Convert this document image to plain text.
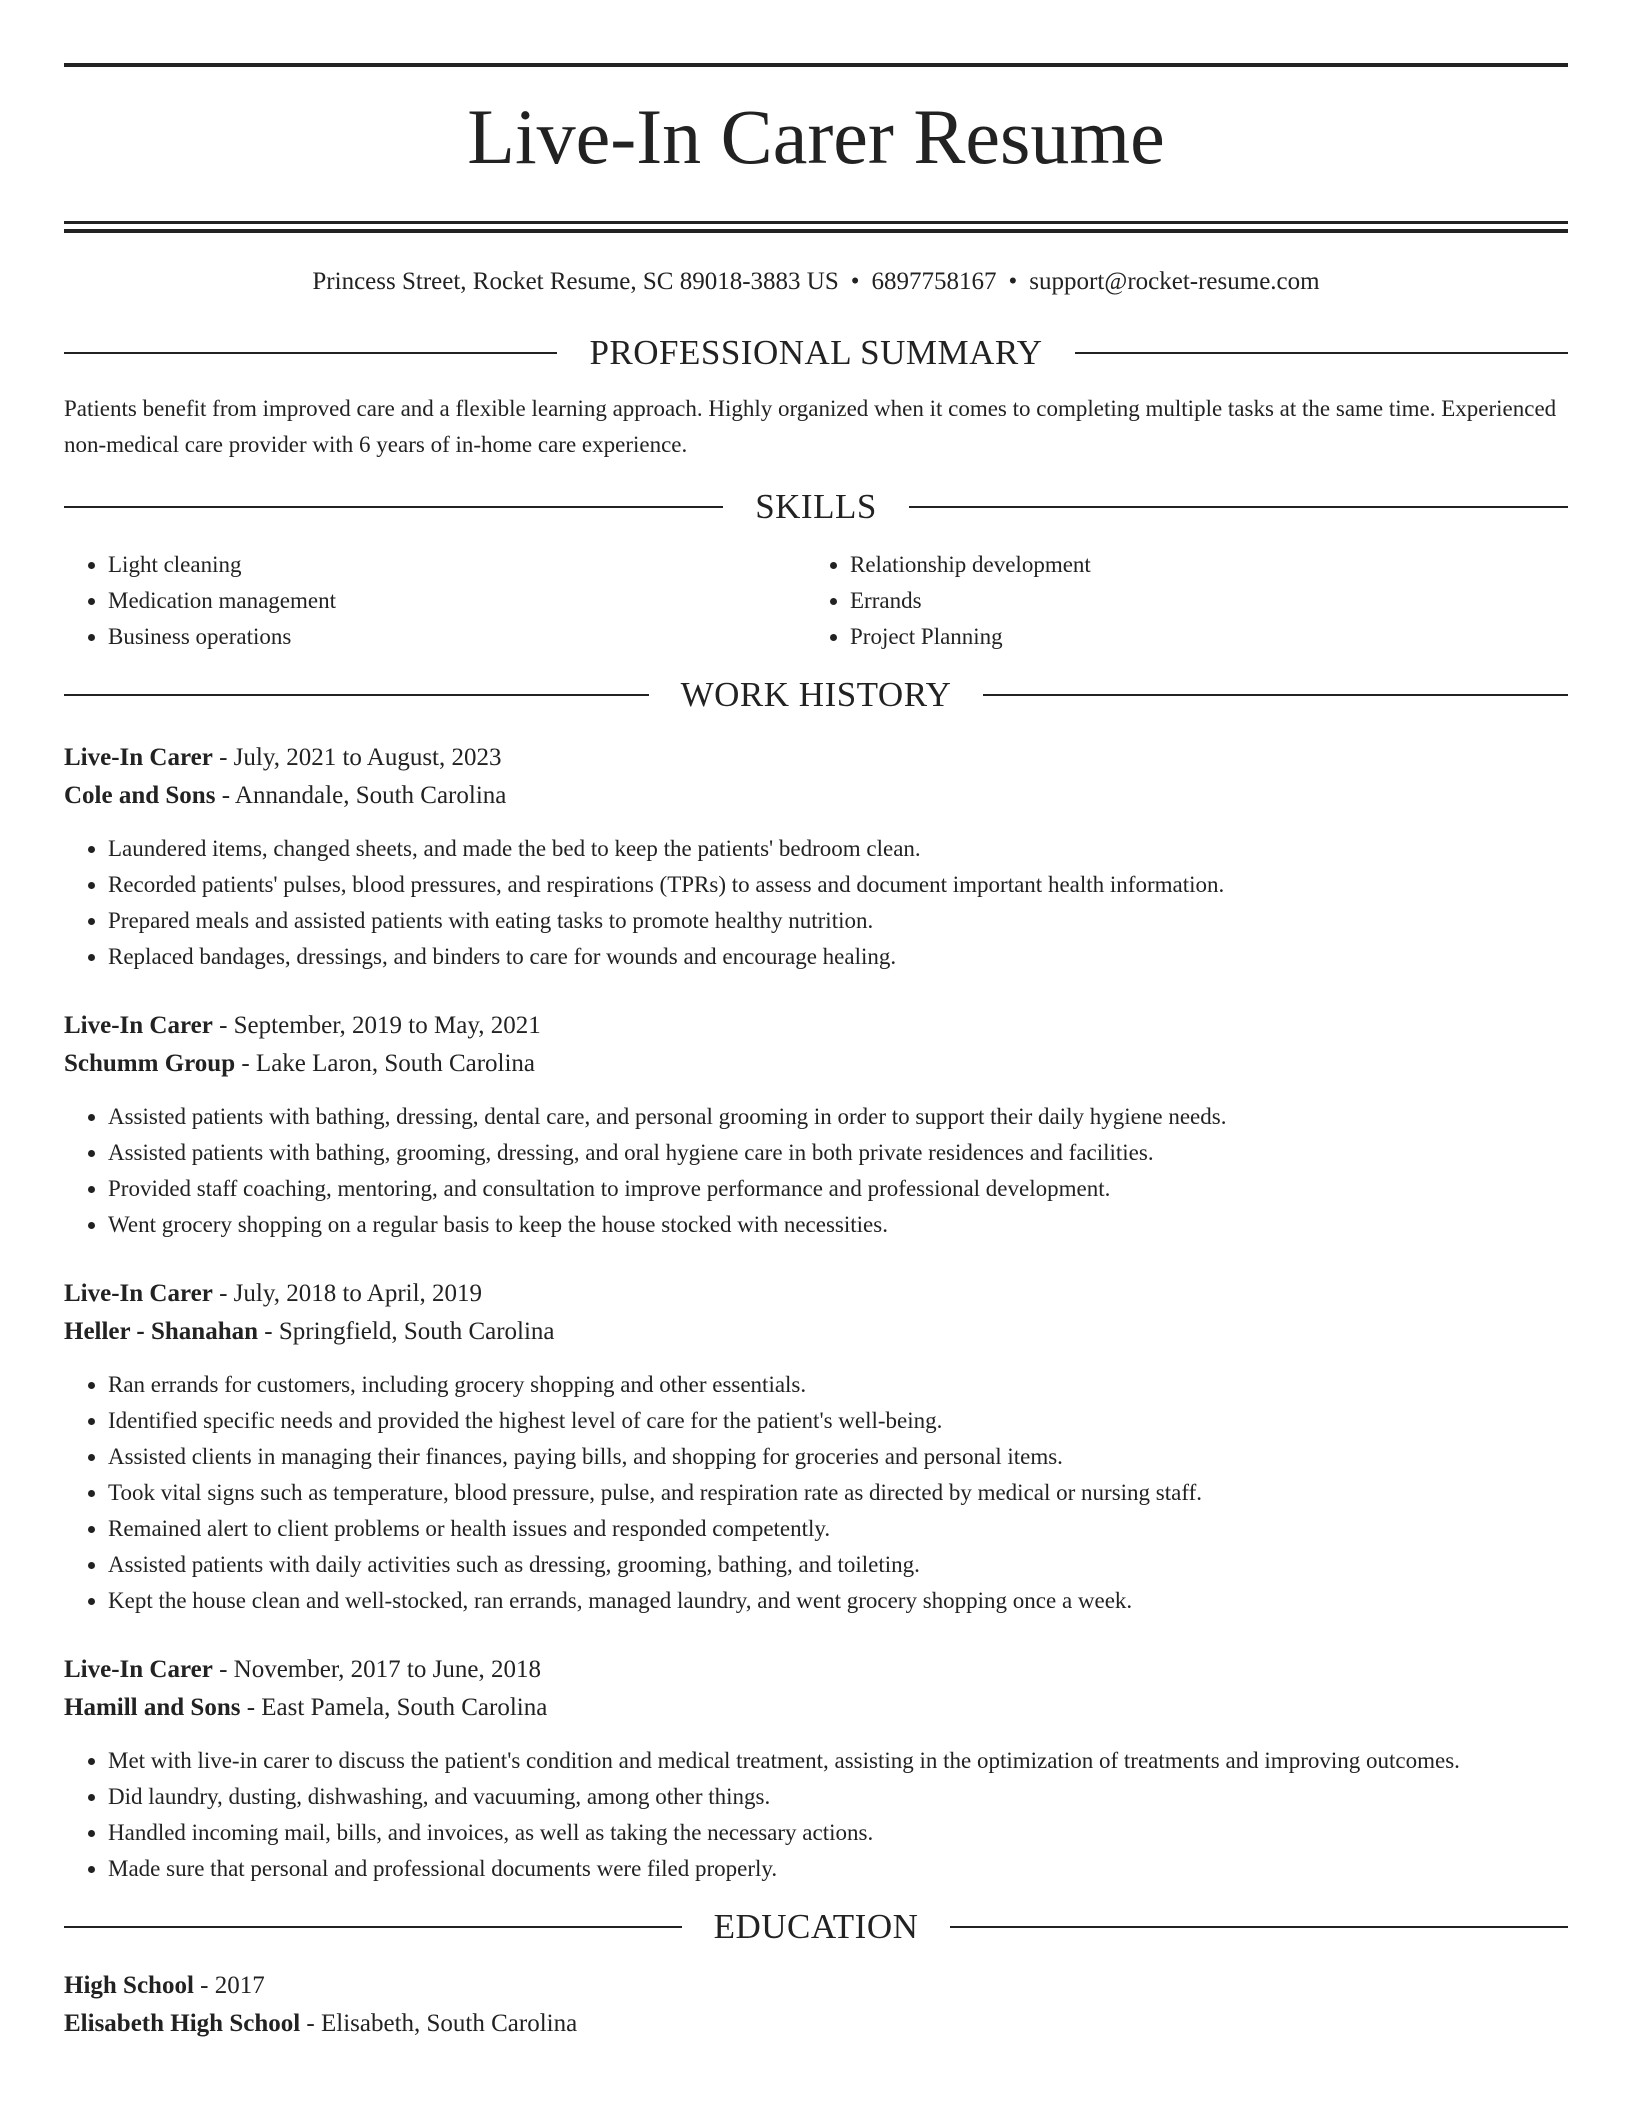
Live-In Carer Resume
Princess Street, Rocket Resume, SC 89018-3883 US • 6897758167 • support@rocket-resume.com
PROFESSIONAL SUMMARY
Patients benefit from improved care and a flexible learning approach. Highly organized when it comes to completing multiple tasks at the same time. Experienced non-medical care provider with 6 years of in-home care experience.
SKILLS
• Light cleaning
• Medication management
• Business operations
• Relationship development
• Errands
• Project Planning
WORK HISTORY
Live-In Carer - July, 2021 to August, 2023
Cole and Sons - Annandale, South Carolina
• Laundered items, changed sheets, and made the bed to keep the patients' bedroom clean.
• Recorded patients' pulses, blood pressures, and respirations (TPRs) to assess and document important health information.
• Prepared meals and assisted patients with eating tasks to promote healthy nutrition.
• Replaced bandages, dressings, and binders to care for wounds and encourage healing.
Live-In Carer - September, 2019 to May, 2021
Schumm Group - Lake Laron, South Carolina
• Assisted patients with bathing, dressing, dental care, and personal grooming in order to support their daily hygiene needs.
• Assisted patients with bathing, grooming, dressing, and oral hygiene care in both private residences and facilities.
• Provided staff coaching, mentoring, and consultation to improve performance and professional development.
• Went grocery shopping on a regular basis to keep the house stocked with necessities.
Live-In Carer - July, 2018 to April, 2019
Heller - Shanahan - Springfield, South Carolina
• Ran errands for customers, including grocery shopping and other essentials.
• Identified specific needs and provided the highest level of care for the patient's well-being.
• Assisted clients in managing their finances, paying bills, and shopping for groceries and personal items.
• Took vital signs such as temperature, blood pressure, pulse, and respiration rate as directed by medical or nursing staff.
• Remained alert to client problems or health issues and responded competently.
• Assisted patients with daily activities such as dressing, grooming, bathing, and toileting.
• Kept the house clean and well-stocked, ran errands, managed laundry, and went grocery shopping once a week.
Live-In Carer - November, 2017 to June, 2018
Hamill and Sons - East Pamela, South Carolina
• Met with live-in carer to discuss the patient's condition and medical treatment, assisting in the optimization of treatments and improving outcomes.
• Did laundry, dusting, dishwashing, and vacuuming, among other things.
• Handled incoming mail, bills, and invoices, as well as taking the necessary actions.
• Made sure that personal and professional documents were filed properly.
EDUCATION
High School - 2017
Elisabeth High School - Elisabeth, South Carolina
